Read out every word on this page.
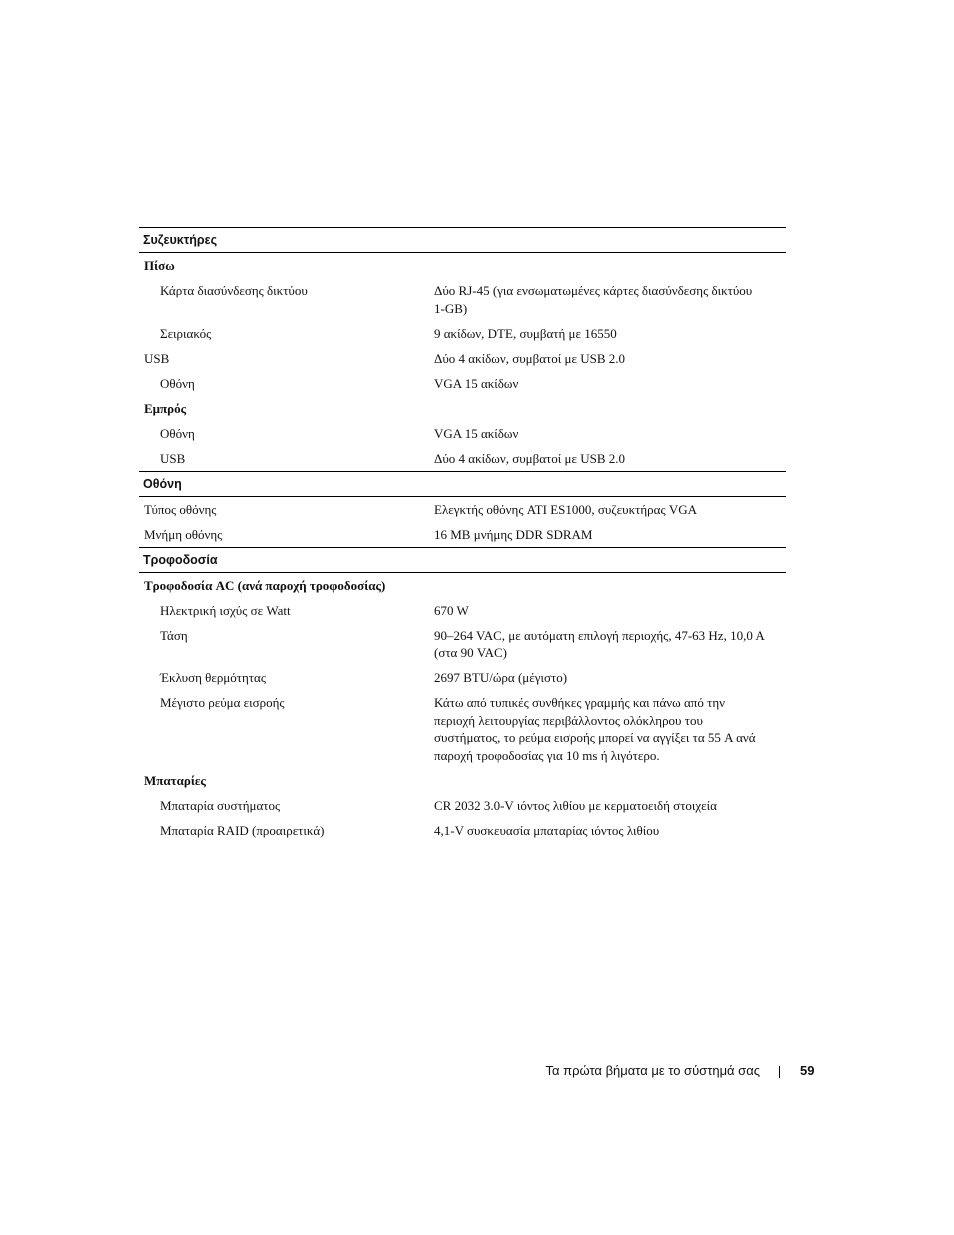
Συζευκτήρες
Πίσω
Κάρτα διασύνδεσης δικτύου	Δύο RJ-45 (για ενσωματωμένες κάρτες διασύνδεσης δικτύου 1-GB)
Σειριακός	9 ακίδων, DTE, συμβατή με 16550
USB	Δύο 4 ακίδων, συμβατοί με USB 2.0
Οθόνη	VGA 15 ακίδων
Εμπρός
Οθόνη	VGA 15 ακίδων
USB	Δύο 4 ακίδων, συμβατοί με USB 2.0
Οθόνη
Τύπος οθόνης	Ελεγκτής οθόνης ATI ES1000, συζευκτήρας VGA
Μνήμη οθόνης	16 MB μνήμης DDR SDRAM
Τροφοδοσία
Τροφοδοσία AC (ανά παροχή τροφοδοσίας)
Ηλεκτρική ισχύς σε Watt	670 W
Τάση	90–264 VAC, με αυτόματη επιλογή περιοχής, 47-63 Hz, 10,0 A (στα 90 VAC)
Έκλυση θερμότητας	2697 BTU/ώρα (μέγιστο)
Μέγιστο ρεύμα εισροής	Κάτω από τυπικές συνθήκες γραμμής και πάνω από την περιοχή λειτουργίας περιβάλλοντος ολόκληρου του συστήματος, το ρεύμα εισροής μπορεί να αγγίξει τα 55 A ανά παροχή τροφοδοσίας για 10 ms ή λιγότερο.
Μπαταρίες
Μπαταρία συστήματος	CR 2032 3.0-V ιόντος λιθίου με κερματοειδή στοιχεία
Μπαταρία RAID (προαιρετικά)	4,1-V συσκευασία μπαταρίας ιόντος λιθίου
Τα πρώτα βήματα με το σύστημά σας	59
